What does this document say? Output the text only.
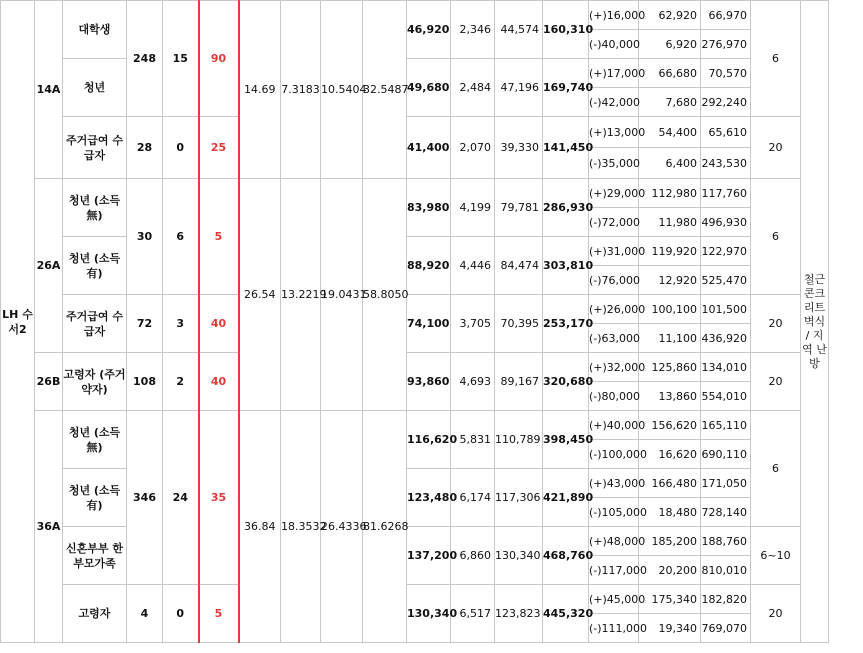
LH 수서2	14A	대학생	248	15	90	14.69	7.3183	10.5404	32.5487	46,920	2,346	44,574	160,310	(+)16,000	62,920	66,970	6	철근 콘크 리트 벽식 / 지역 난방
														(-)40,000	6,920	276,970		
		청년								49,680	2,484	47,196	169,740	(+)17,000	66,680	70,570		
														(-)42,000	7,680	292,240		
		주거급여 수급자	28	0	25					41,400	2,070	39,330	141,450	(+)13,000	54,400	65,610	20	
														(-)35,000	6,400	243,530		
	26A	청년 (소득無)	30	6	5	26.54	13.2219	19.0431	58.8050	83,980	4,199	79,781	286,930	(+)29,000	112,980	117,760	6	
														(-)72,000	11,980	496,930		
		청년 (소득有)								88,920	4,446	84,474	303,810	(+)31,000	119,920	122,970		
														(-)76,000	12,920	525,470		
		주거급여 수급자	72	3	40					74,100	3,705	70,395	253,170	(+)26,000	100,100	101,500	20	
														(-)63,000	11,100	436,920		
	26B	고령자 (주거약자)	108	2	40					93,860	4,693	89,167	320,680	(+)32,000	125,860	134,010	20	
														(-)80,000	13,860	554,010		
	36A	청년 (소득無)	346	24	35	36.84	18.3532	26.4336	81.6268	116,620	5,831	110,789	398,450	(+)40,000	156,620	165,110	6	
														(-)100,000	16,620	690,110		
		청년 (소득有)								123,480	6,174	117,306	421,890	(+)43,000	166,480	171,050		
														(-)105,000	18,480	728,140		
		신혼부부 한부모가족								137,200	6,860	130,340	468,760	(+)48,000	185,200	188,760	6~10	
														(-)117,000	20,200	810,010		
		고령자	4	0	5					130,340	6,517	123,823	445,320	(+)45,000	175,340	182,820	20	
														(-)111,000	19,340	769,070		
